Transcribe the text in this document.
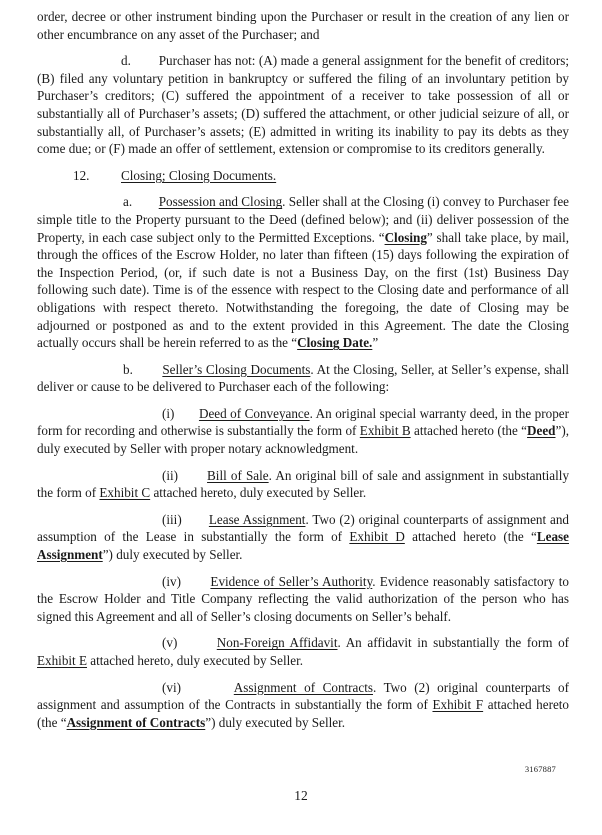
order, decree or other instrument binding upon the Purchaser or result in the creation of any lien or other encumbrance on any asset of the Purchaser; and

d. Purchaser has not: (A) made a general assignment for the benefit of creditors; (B) filed any voluntary petition in bankruptcy or suffered the filing of an involuntary petition by Purchaser’s creditors; (C) suffered the appointment of a receiver to take possession of all or substantially all of Purchaser’s assets; (D) suffered the attachment, or other judicial seizure of all, or substantially all, of Purchaser’s assets; (E) admitted in writing its inability to pay its debts as they come due; or (F) made an offer of settlement, extension or compromise to its creditors generally.

12. Closing; Closing Documents.

a. Possession and Closing. Seller shall at the Closing (i) convey to Purchaser fee simple title to the Property pursuant to the Deed (defined below); and (ii) deliver possession of the Property, in each case subject only to the Permitted Exceptions. “Closing” shall take place, by mail, through the offices of the Escrow Holder, no later than fifteen (15) days following the expiration of the Inspection Period, (or, if such date is not a Business Day, on the first (1st) Business Day following such date). Time is of the essence with respect to the Closing date and performance of all obligations with respect thereto. Notwithstanding the foregoing, the date of Closing may be adjourned or postponed as and to the extent provided in this Agreement. The date the Closing actually occurs shall be herein referred to as the “Closing Date.”

b. Seller’s Closing Documents. At the Closing, Seller, at Seller’s expense, shall deliver or cause to be delivered to Purchaser each of the following:

(i) Deed of Conveyance. An original special warranty deed, in the proper form for recording and otherwise is substantially the form of Exhibit B attached hereto (the “Deed”), duly executed by Seller with proper notary acknowledgment.

(ii) Bill of Sale. An original bill of sale and assignment in substantially the form of Exhibit C attached hereto, duly executed by Seller.

(iii) Lease Assignment. Two (2) original counterparts of assignment and assumption of the Lease in substantially the form of Exhibit D attached hereto (the “Lease Assignment”) duly executed by Seller.

(iv) Evidence of Seller’s Authority. Evidence reasonably satisfactory to the Escrow Holder and Title Company reflecting the valid authorization of the person who has signed this Agreement and all of Seller’s closing documents on Seller’s behalf.

(v)	Non-Foreign Affidavit. An affidavit in substantially the form of Exhibit E attached hereto, duly executed by Seller.

(vi)	Assignment of Contracts. Two (2) original counterparts of assignment and assumption of the Contracts in substantially the form of Exhibit F attached hereto (the “Assignment of Contracts”) duly executed by Seller.

3167887
12
